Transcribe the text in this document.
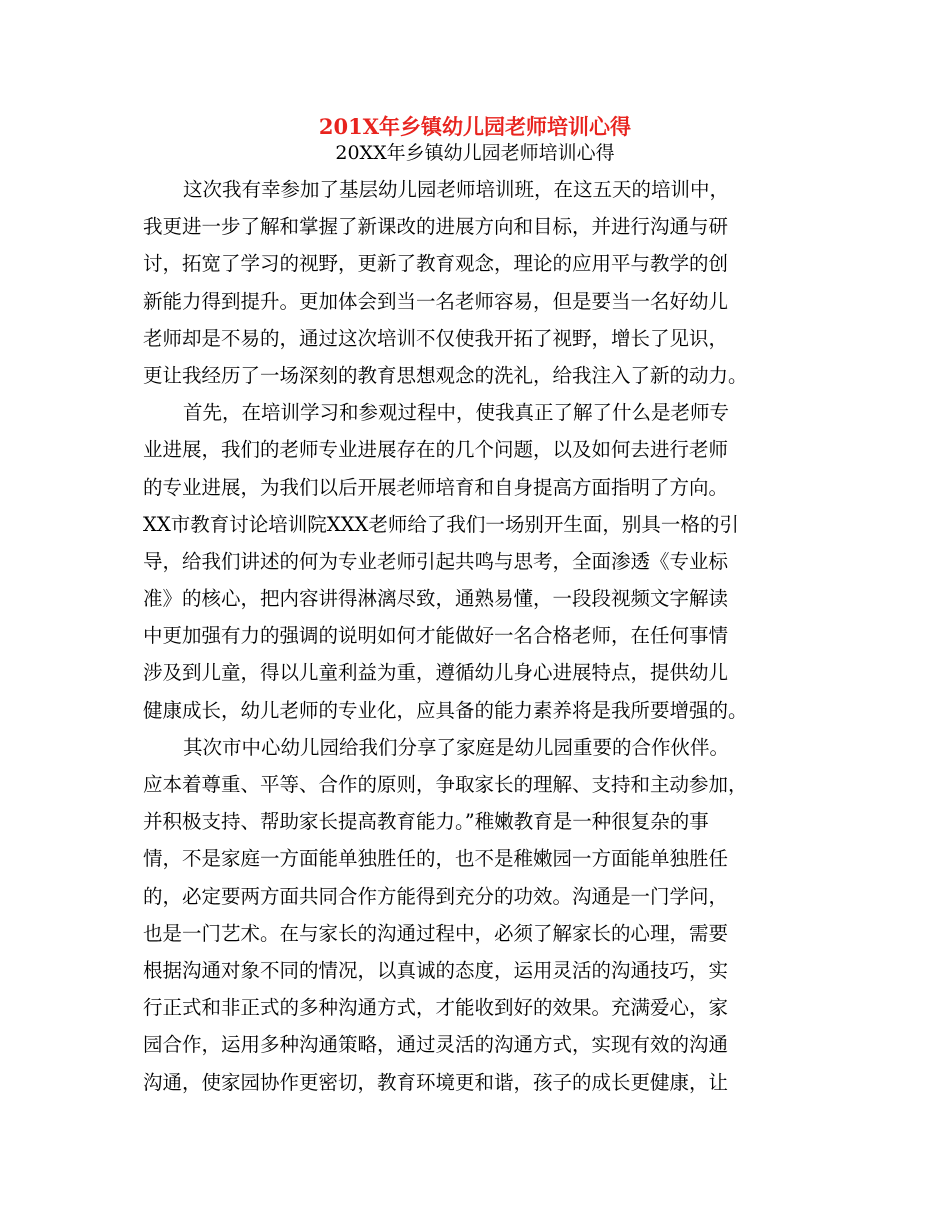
201X年乡镇幼儿园老师培训心得
20XX年乡镇幼儿园老师培训心得
这次我有幸参加了基层幼儿园老师培训班，在这五天的培训中，
我更进一步了解和掌握了新课改的进展方向和目标，并进行沟通与研
讨，拓宽了学习的视野，更新了教育观念，理论的应用平与教学的创
新能力得到提升。更加体会到当一名老师容易，但是要当一名好幼儿
老师却是不易的，通过这次培训不仅使我开拓了视野，增长了见识，
更让我经历了一场深刻的教育思想观念的洗礼，给我注入了新的动力。
首先，在培训学习和参观过程中，使我真正了解了什么是老师专
业进展，我们的老师专业进展存在的几个问题，以及如何去进行老师
的专业进展，为我们以后开展老师培育和自身提高方面指明了方向。
XX市教育讨论培训院XXX老师给了我们一场别开生面，别具一格的引
导，给我们讲述的何为专业老师引起共鸣与思考，全面渗透《专业标
准》的核心，把内容讲得淋漓尽致，通熟易懂，一段段视频文字解读
中更加强有力的强调的说明如何才能做好一名合格老师，在任何事情
涉及到儿童，得以儿童利益为重，遵循幼儿身心进展特点，提供幼儿
健康成长，幼儿老师的专业化，应具备的能力素养将是我所要增强的。
其次市中心幼儿园给我们分享了家庭是幼儿园重要的合作伙伴。
应本着尊重、平等、合作的原则，争取家长的理解、支持和主动参加，
并积极支持、帮助家长提高教育能力。”稚嫩教育是一种很复杂的事
情，不是家庭一方面能单独胜任的，也不是稚嫩园一方面能单独胜任
的，必定要两方面共同合作方能得到充分的功效。沟通是一门学问，
也是一门艺术。在与家长的沟通过程中，必须了解家长的心理，需要
根据沟通对象不同的情况，以真诚的态度，运用灵活的沟通技巧，实
行正式和非正式的多种沟通方式，才能收到好的效果。充满爱心，家
园合作，运用多种沟通策略，通过灵活的沟通方式，实现有效的沟通
沟通，使家园协作更密切，教育环境更和谐，孩子的成长更健康，让
